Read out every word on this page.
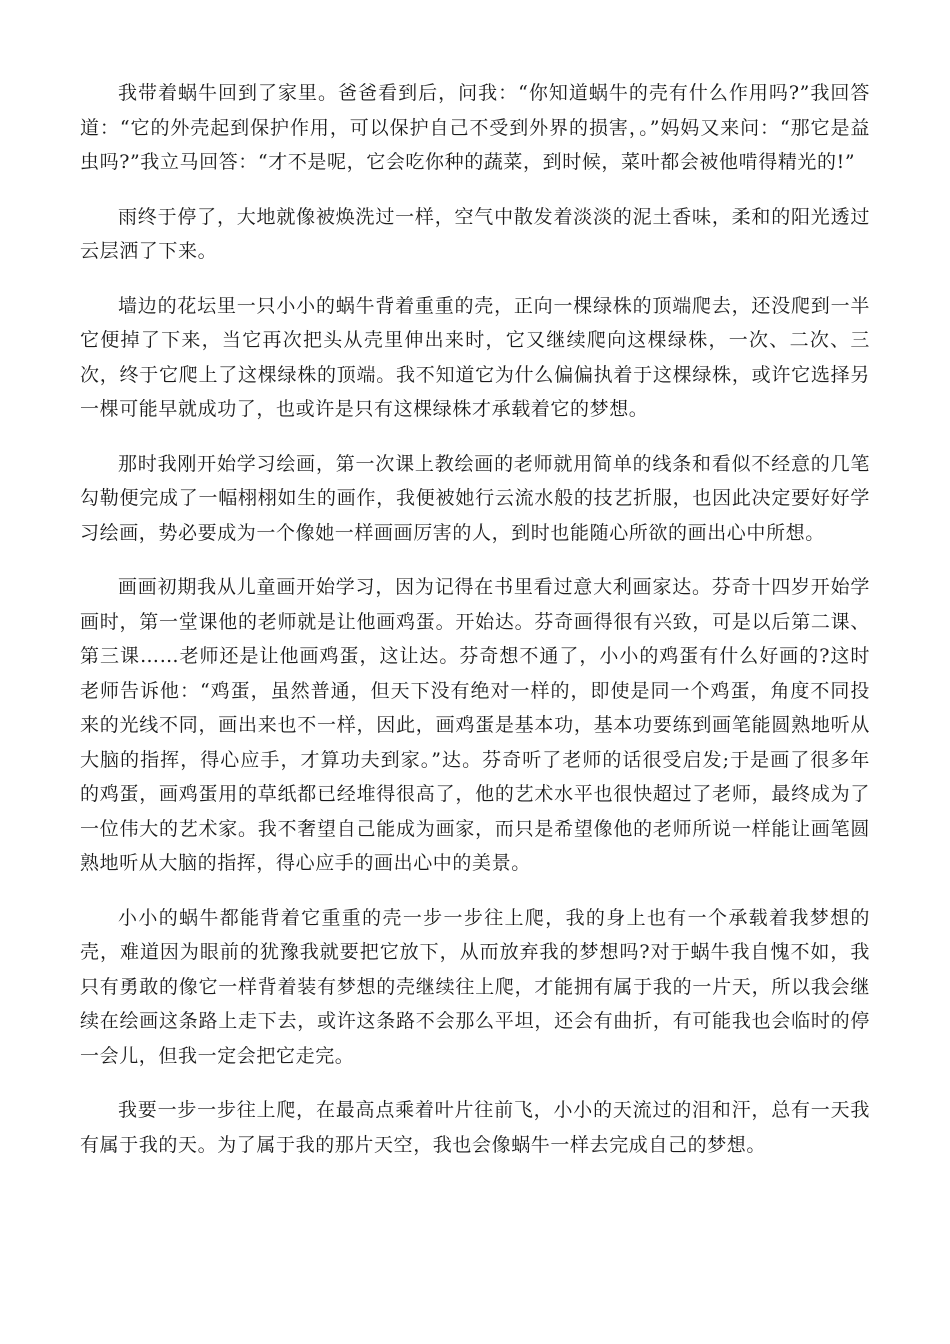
我带着蜗牛回到了家里。爸爸看到后，问我：“你知道蜗牛的壳有什么作用吗?”我回答道：“它的外壳起到保护作用，可以保护自己不受到外界的损害，。”妈妈又来问：“那它是益虫吗?”我立马回答：“才不是呢，它会吃你种的蔬菜，到时候，菜叶都会被他啃得精光的!”

雨终于停了，大地就像被焕洗过一样，空气中散发着淡淡的泥土香味，柔和的阳光透过云层洒了下来。

墙边的花坛里一只小小的蜗牛背着重重的壳，正向一棵绿株的顶端爬去，还没爬到一半它便掉了下来，当它再次把头从壳里伸出来时，它又继续爬向这棵绿株，一次、二次、三次，终于它爬上了这棵绿株的顶端。我不知道它为什么偏偏执着于这棵绿株，或许它选择另一棵可能早就成功了，也或许是只有这棵绿株才承载着它的梦想。

那时我刚开始学习绘画，第一次课上教绘画的老师就用简单的线条和看似不经意的几笔勾勒便完成了一幅栩栩如生的画作，我便被她行云流水般的技艺折服，也因此决定要好好学习绘画，势必要成为一个像她一样画画厉害的人，到时也能随心所欲的画出心中所想。

画画初期我从儿童画开始学习，因为记得在书里看过意大利画家达。芬奇十四岁开始学画时，第一堂课他的老师就是让他画鸡蛋。开始达。芬奇画得很有兴致，可是以后第二课、第三课……老师还是让他画鸡蛋，这让达。芬奇想不通了，小小的鸡蛋有什么好画的?这时老师告诉他：“鸡蛋，虽然普通，但天下没有绝对一样的，即使是同一个鸡蛋，角度不同投来的光线不同，画出来也不一样，因此，画鸡蛋是基本功，基本功要练到画笔能圆熟地听从大脑的指挥，得心应手，才算功夫到家。”达。芬奇听了老师的话很受启发;于是画了很多年的鸡蛋，画鸡蛋用的草纸都已经堆得很高了，他的艺术水平也很快超过了老师，最终成为了一位伟大的艺术家。我不奢望自己能成为画家，而只是希望像他的老师所说一样能让画笔圆熟地听从大脑的指挥，得心应手的画出心中的美景。

小小的蜗牛都能背着它重重的壳一步一步往上爬，我的身上也有一个承载着我梦想的壳，难道因为眼前的犹豫我就要把它放下，从而放弃我的梦想吗?对于蜗牛我自愧不如，我只有勇敢的像它一样背着装有梦想的壳继续往上爬，才能拥有属于我的一片天，所以我会继续在绘画这条路上走下去，或许这条路不会那么平坦，还会有曲折，有可能我也会临时的停一会儿，但我一定会把它走完。

我要一步一步往上爬，在最高点乘着叶片往前飞，小小的天流过的泪和汗，总有一天我有属于我的天。为了属于我的那片天空，我也会像蜗牛一样去完成自己的梦想。
